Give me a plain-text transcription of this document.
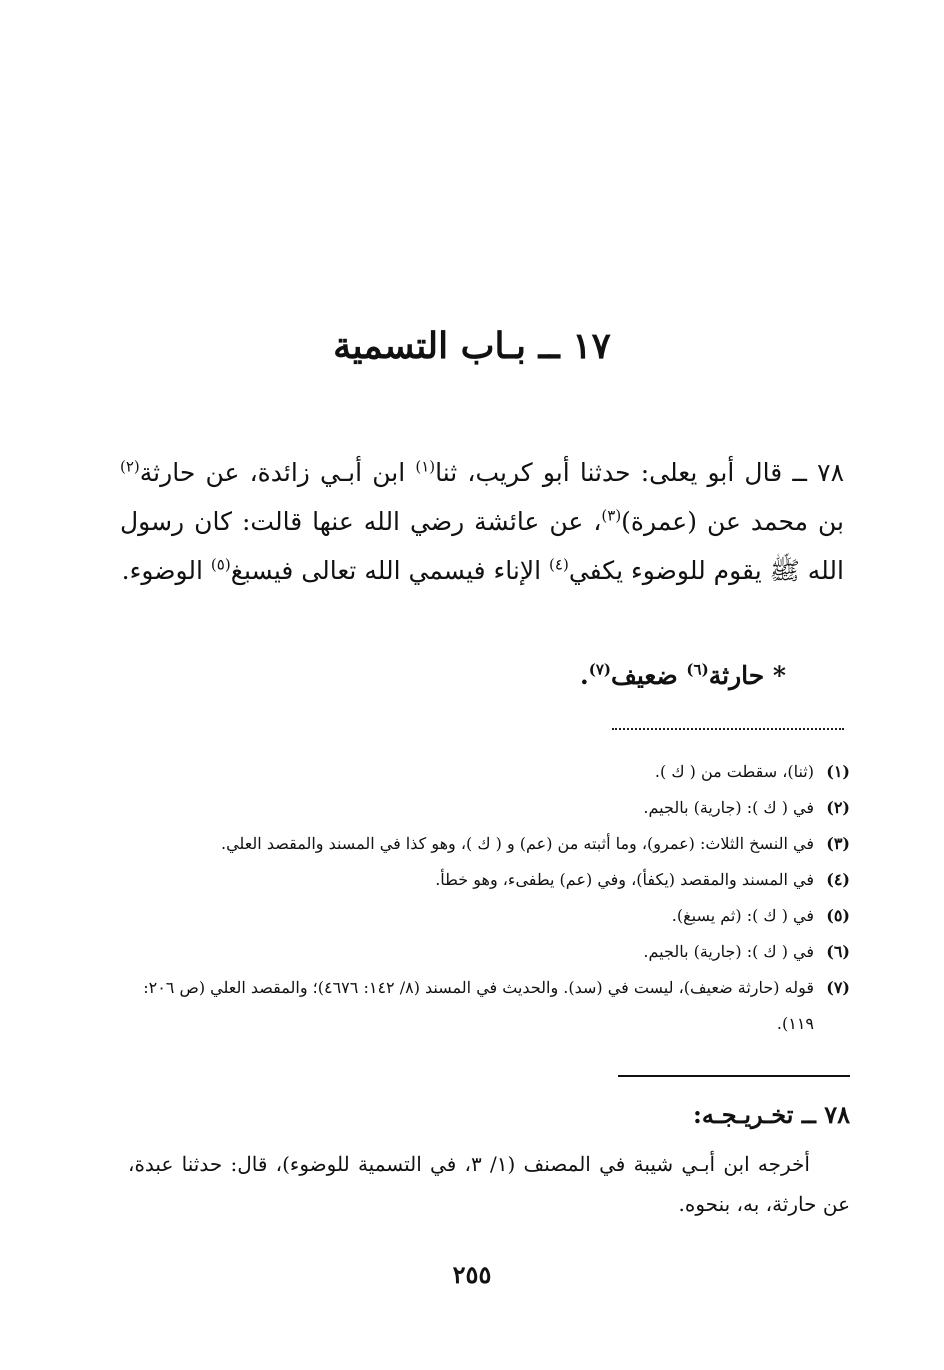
١٧ ــ بـاب التسمية

٧٨ ــ قال أبو يعلى: حدثنا أبو كريب، ثنا$^{(١)}$ ابن أبـي زائدة، عن حارثة$^{(٢)}$ بن محمد عن (عمرة)$^{(٣)}$، عن عائشة رضي الله عنها قالت: كان رسول الله ﷺ يقوم للوضوء يكفي$^{(٤)}$ الإناء فيسمي الله تعالى فيسبغ$^{(٥)}$ الوضوء.

* حارثة$^{(٦)}$ ضعيف$^{(٧)}$.
(١)
(ثنا)، سقطت من ( ك ).
(٢)
في ( ك ): (جارية) بالجيم.
(٣)
في النسخ الثلاث: (عمرو)، وما أثبته من (عم) و ( ك )، وهو كذا في المسند والمقصد العلي.
(٤)
في المسند والمقصد (يكفأ)، وفي (عم) يطفىء، وهو خطأ.
(٥)
في ( ك ): (ثم يسبغ).
(٦)
في ( ك ): (جارية) بالجيم.
(٧)
قوله (حارثة ضعيف)، ليست في (سد). والحديث في المسند (٨/ ١٤٢: ٤٦٧٦)؛ والمقصد العلي (ص ٢٠٦: ١١٩).
٧٨ ــ تخـريـجـه:

أخرجه ابن أبـي شيبة في المصنف (١/ ٣، في التسمية للوضوء)، قال: حدثنا عبدة، عن حارثة، به، بنحوه.

٢٥٥
